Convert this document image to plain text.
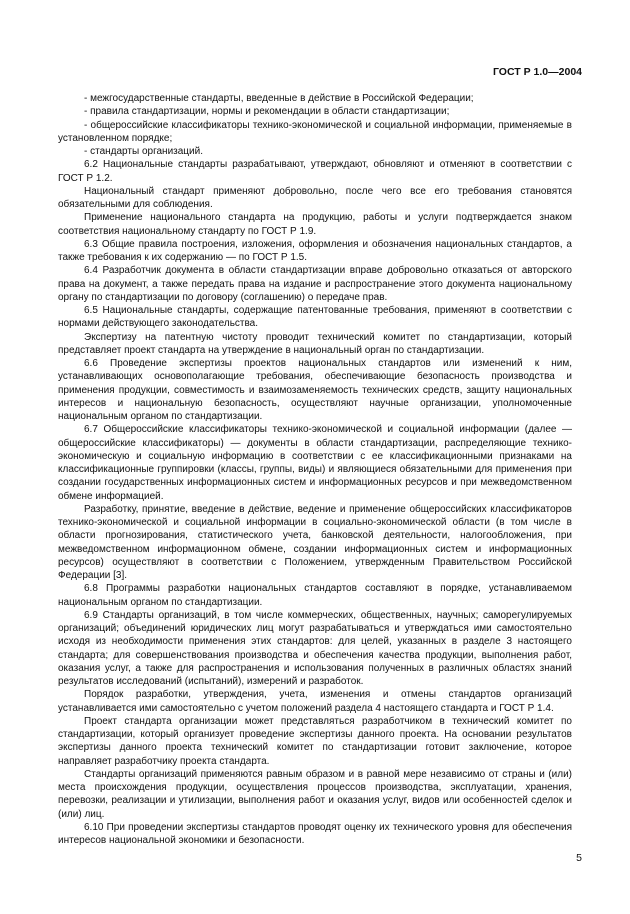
ГОСТ Р 1.0—2004

- межгосударственные стандарты, введенные в действие в Российской Федерации;

- правила стандартизации, нормы и рекомендации в области стандартизации;

- общероссийские классификаторы технико-экономической и социальной информации, применяемые в установленном порядке;

- стандарты организаций.

6.2 Национальные стандарты разрабатывают, утверждают, обновляют и отменяют в соответствии с ГОСТ Р 1.2.

Национальный стандарт применяют добровольно, после чего все его требования становятся обязательными для соблюдения.

Применение национального стандарта на продукцию, работы и услуги подтверждается знаком соответствия национальному стандарту по ГОСТ Р 1.9.

6.3 Общие правила построения, изложения, оформления и обозначения национальных стандартов, а также требования к их содержанию — по ГОСТ Р 1.5.

6.4 Разработчик документа в области стандартизации вправе добровольно отказаться от авторского права на документ, а также передать права на издание и распространение этого документа национальному органу по стандартизации по договору (соглашению) о передаче прав.

6.5 Национальные стандарты, содержащие патентованные требования, применяют в соответствии с нормами действующего законодательства.

Экспертизу на патентную чистоту проводит технический комитет по стандартизации, который представляет проект стандарта на утверждение в национальный орган по стандартизации.

6.6 Проведение экспертизы проектов национальных стандартов или изменений к ним, устанавливающих основополагающие требования, обеспечивающие безопасность производства и применения продукции, совместимость и взаимозаменяемость технических средств, защиту национальных интересов и национальную безопасность, осуществляют научные организации, уполномоченные национальным органом по стандартизации.

6.7 Общероссийские классификаторы технико-экономической и социальной информации (далее — общероссийские классификаторы) — документы в области стандартизации, распределяющие технико-экономическую и социальную информацию в соответствии с ее классификационными признаками на классификационные группировки (классы, группы, виды) и являющиеся обязательными для применения при создании государственных информационных систем и информационных ресурсов и при межведомственном обмене информацией.

Разработку, принятие, введение в действие, ведение и применение общероссийских классификаторов технико-экономической и социальной информации в социально-экономической области (в том числе в области прогнозирования, статистического учета, банковской деятельности, налогообложения, при межведомственном информационном обмене, создании информационных систем и информационных ресурсов) осуществляют в соответствии с Положением, утвержденным Правительством Российской Федерации [3].

6.8 Программы разработки национальных стандартов составляют в порядке, устанавливаемом национальным органом по стандартизации.

6.9 Стандарты организаций, в том числе коммерческих, общественных, научных; саморегулируемых организаций; объединений юридических лиц могут разрабатываться и утверждаться ими самостоятельно исходя из необходимости применения этих стандартов: для целей, указанных в разделе 3 настоящего стандарта; для совершенствования производства и обеспечения качества продукции, выполнения работ, оказания услуг, а также для распространения и использования полученных в различных областях знаний результатов исследований (испытаний), измерений и разработок.

Порядок разработки, утверждения, учета, изменения и отмены стандартов организаций устанавливается ими самостоятельно с учетом положений раздела 4 настоящего стандарта и ГОСТ Р 1.4.

Проект стандарта организации может представляться разработчиком в технический комитет по стандартизации, который организует проведение экспертизы данного проекта. На основании результатов экспертизы данного проекта технический комитет по стандартизации готовит заключение, которое направляет разработчику проекта стандарта.

Стандарты организаций применяются равным образом и в равной мере независимо от страны и (или) места происхождения продукции, осуществления процессов производства, эксплуатации, хранения, перевозки, реализации и утилизации, выполнения работ и оказания услуг, видов или особенностей сделок и (или) лиц.

6.10 При проведении экспертизы стандартов проводят оценку их технического уровня для обеспечения интересов национальной экономики и безопасности.

5
